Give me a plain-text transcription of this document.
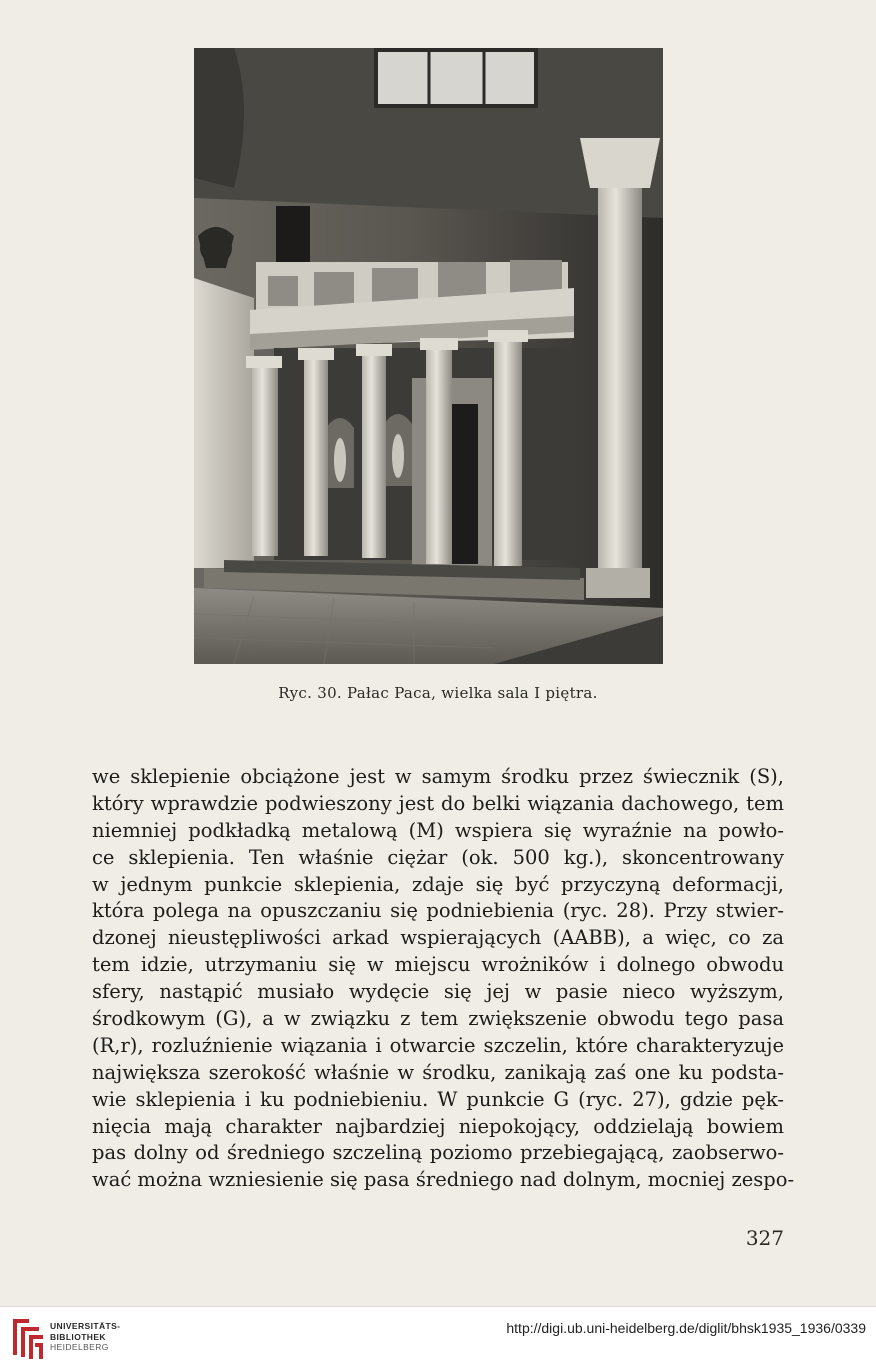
Ryc. 30. Pałac Paca, wielka sala I piętra.
we sklepienie obciążone jest w samym środku przez świecznik (S),
który wprawdzie podwieszony jest do belki wiązania dachowego, tem
niemniej podkładką metalową (M) wspiera się wyraźnie na powło-
ce sklepienia. Ten właśnie ciężar (ok. 500 kg.), skoncentrowany
w jednym punkcie sklepienia, zdaje się być przyczyną deformacji,
która polega na opuszczaniu się podniebienia (ryc. 28). Przy stwier-
dzonej nieustępliwości arkad wspierających (AABB), a więc, co za
tem idzie, utrzymaniu się w miejscu wrożników i dolnego obwodu
sfery, nastąpić musiało wydęcie się jej w pasie nieco wyższym,
środkowym (G), a w związku z tem zwiększenie obwodu tego pasa
(R,r), rozluźnienie wiązania i otwarcie szczelin, które charakteryzuje
największa szerokość właśnie w środku, zanikają zaś one ku podsta-
wie sklepienia i ku podniebieniu. W punkcie G (ryc. 27), gdzie pęk-
nięcia mają charakter najbardziej niepokojący, oddzielają bowiem
pas dolny od średniego szczeliną poziomo przebiegającą, zaobserwo-
wać można wzniesienie się pasa średniego nad dolnym, mocniej zespo-
327
UNIVERSITÄTS-
BIBLIOTHEK
HEIDELBERG
http://digi.ub.uni-heidelberg.de/diglit/bhsk1935_1936/0339
